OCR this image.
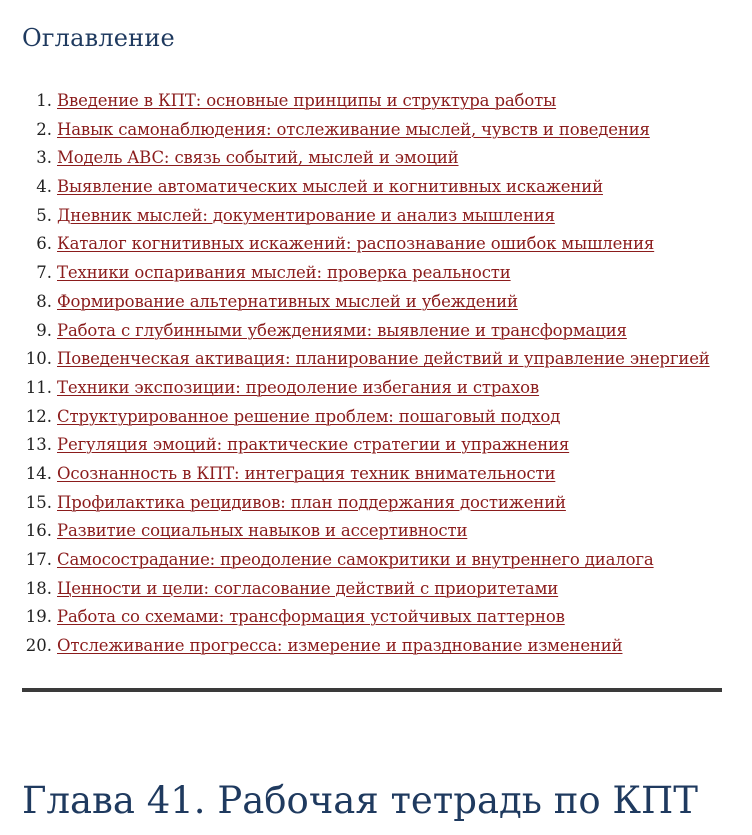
Оглавление
1. Введение в КПТ: основные принципы и структура работы
2. Навык самонаблюдения: отслеживание мыслей, чувств и поведения
3. Модель ABC: связь событий, мыслей и эмоций
4. Выявление автоматических мыслей и когнитивных искажений
5. Дневник мыслей: документирование и анализ мышления
6. Каталог когнитивных искажений: распознавание ошибок мышления
7. Техники оспаривания мыслей: проверка реальности
8. Формирование альтернативных мыслей и убеждений
9. Работа с глубинными убеждениями: выявление и трансформация
10. Поведенческая активация: планирование действий и управление энергией
11. Техники экспозиции: преодоление избегания и страхов
12. Структурированное решение проблем: пошаговый подход
13. Регуляция эмоций: практические стратегии и упражнения
14. Осознанность в КПТ: интеграция техник внимательности
15. Профилактика рецидивов: план поддержания достижений
16. Развитие социальных навыков и ассертивности
17. Самосострадание: преодоление самокритики и внутреннего диалога
18. Ценности и цели: согласование действий с приоритетами
19. Работа со схемами: трансформация устойчивых паттернов
20. Отслеживание прогресса: измерение и празднование изменений
Глава 41. Рабочая тетрадь по КПТ
